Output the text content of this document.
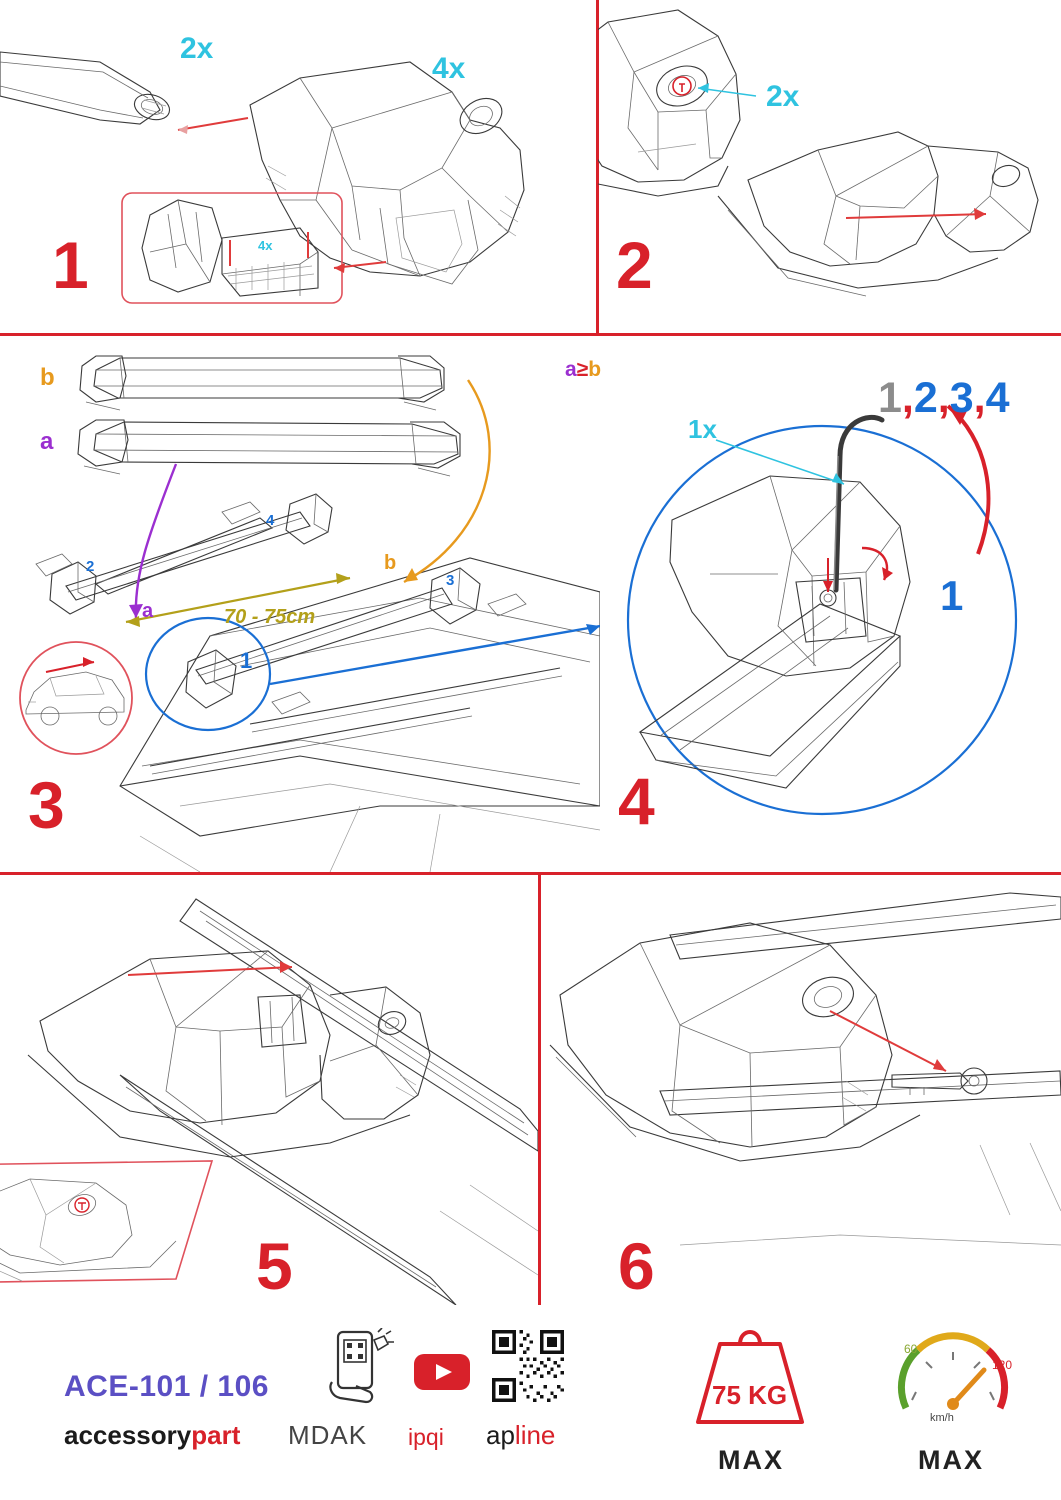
2x
4x
4x
1
2x
2
b
a
a
b
70 - 75cm
1
2
3
4
3
1x
1,2,3,4
1
a≥b
4
5	6
ACE-101 / 106
accessorypart MDAK ipqi apline
75 KG
MAX
60
120
km/h
MAX
